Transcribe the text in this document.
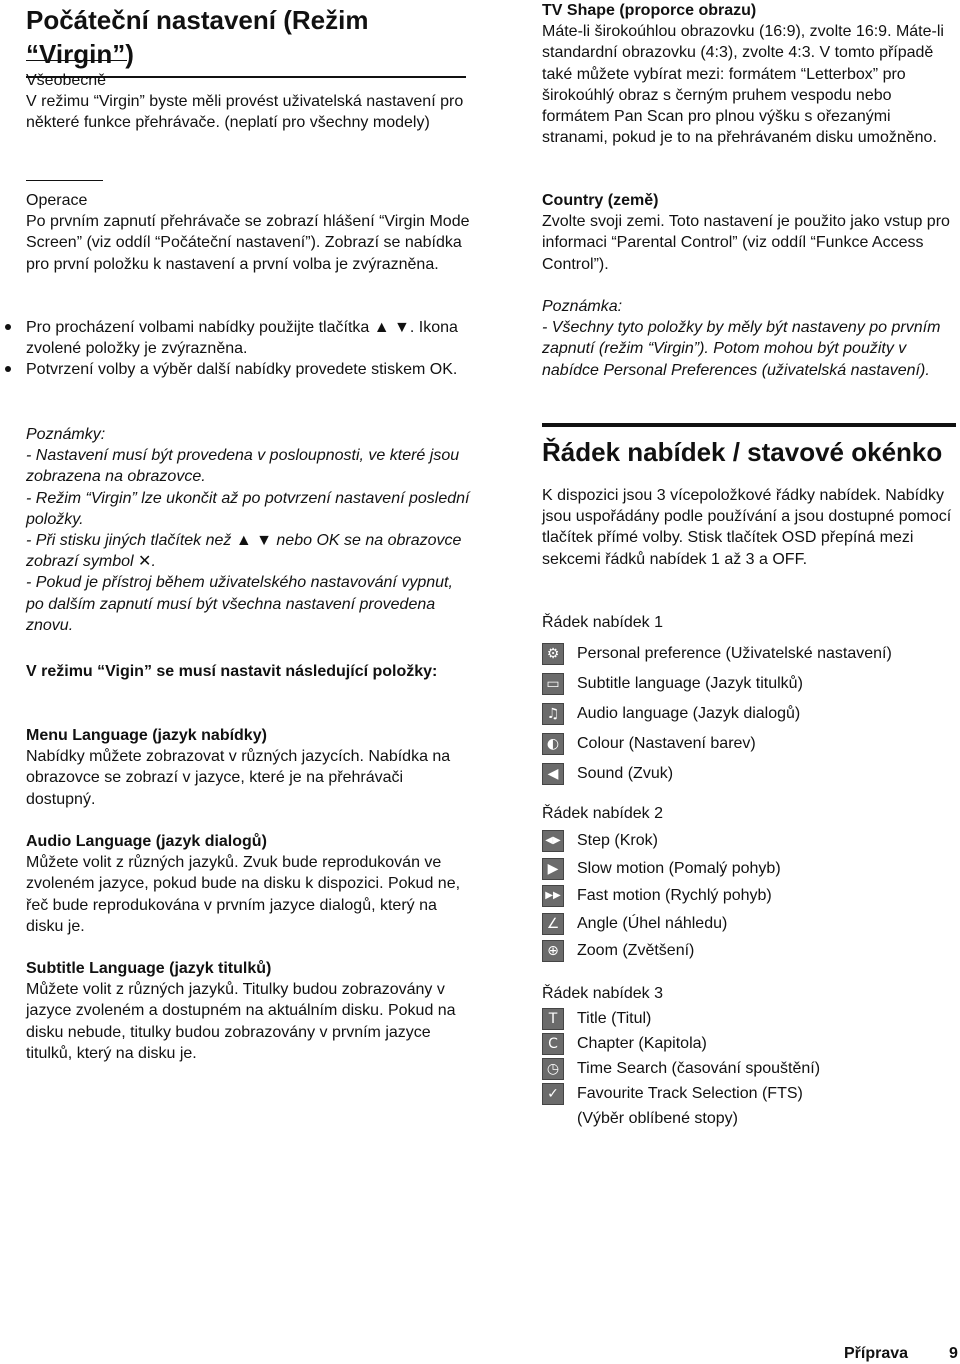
Počáteční nastavení (Režim “Virgin”)

Všeobecně

V režimu “Virgin” byste měli provést uživatelská nastavení pro některé funkce přehrávače. (neplatí pro všechny modely)

Operace

Po prvním zapnutí přehrávače se zobrazí hlášení “Virgin Mode Screen” (viz oddíl “Počáteční nastavení”). Zobrazí se nabídka pro první položku k nastavení a první volba je zvýrazněna.

Pro procházení volbami nabídky použijte tlačítka ▲ ▼. Ikona zvolené položky je zvýrazněna.
Potvrzení volby a výběr další nabídky provedete stiskem OK.

Poznámky:

- Nastavení musí být provedena v posloupnosti, ve které jsou zobrazena na obrazovce.

- Režim “Virgin” lze ukončit až po potvrzení nastavení poslední položky.

- Při stisku jiných tlačítek než ▲ ▼ nebo OK se na obrazovce zobrazí symbol ✕.

- Pokud je přístroj během uživatelského nastavování vypnut, po dalším zapnutí musí být všechna nastavení provedena znovu.

V režimu “Vigin” se musí nastavit následující položky:

Menu Language (jazyk nabídky)

Nabídky můžete zobrazovat v různých jazycích. Nabídka na obrazovce se zobrazí v jazyce, které je na přehrávači dostupný.

Audio Language (jazyk dialogů)

Můžete volit z různých jazyků. Zvuk bude reprodukován ve zvoleném jazyce, pokud bude na disku k dispozici. Pokud ne, řeč bude reprodukována v prvním jazyce dialogů, který na disku je.

Subtitle Language (jazyk titulků)

Můžete volit z různých jazyků. Titulky budou zobrazovány v jazyce zvoleném a dostupném na aktuálním disku. Pokud na disku nebude, titulky budou zobrazovány v prvním jazyce titulků, který na disku je.

TV Shape (proporce obrazu)

Máte-li širokoúhlou obrazovku (16:9), zvolte 16:9. Máte-li standardní obrazovku (4:3), zvolte 4:3. V tomto případě také můžete vybírat mezi: formátem “Letterbox” pro širokoúhlý obraz s černým pruhem vespodu nebo formátem Pan Scan pro plnou výšku s ořezanými stranami, pokud je to na přehrávaném disku umožněno.

Country (země)

Zvolte svoji zemi. Toto nastavení je použito jako vstup pro informaci “Parental Control” (viz oddíl “Funkce Access Control”).

Poznámka:

- Všechny tyto položky by měly být nastaveny po prvním zapnutí (režim “Virgin”). Potom mohou být použity v nabídce Personal Preferences (uživatelská nastavení).

Řádek nabídek / stavové okénko

K dispozici jsou 3 vícepoložkové řádky nabídek. Nabídky jsou uspořádány podle používání a jsou dostupné pomocí tlačítek přímé volby. Stisk tlačítek OSD přepíná mezi sekcemi řádků nabídek 1 až 3 a OFF.

Řádek nabídek 1

⚙ Personal preference (Uživatelské nastavení)
▭ Subtitle language (Jazyk titulků)
♫ Audio language (Jazyk dialogů)
◐	Colour (Nastavení barev)
◀	Sound (Zvuk)

Řádek nabídek 2

◀▶ Step (Krok)
▶	Slow motion (Pomalý pohyb)
▶▶ Fast motion (Rychlý pohyb)
∠ Angle (Úhel náhledu)
⊕	Zoom (Zvětšení)

Řádek nabídek 3

T	Title (Titul)
C	Chapter (Kapitola)
◷	Time Search (časování spouštění)
✓	Favourite Track Selection (FTS)
(Výběr oblíbené stopy)
Příprava	9
